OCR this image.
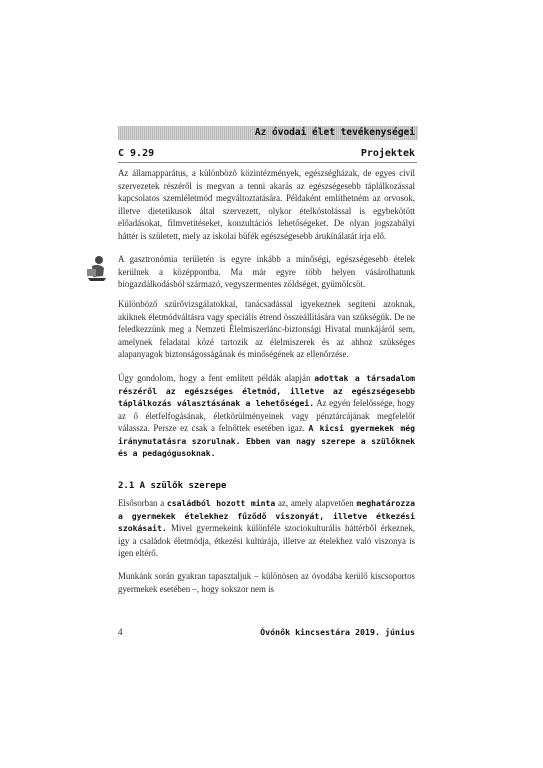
Az óvodai élet tevékenységei
C 9.29	Projektek
Az államapparátus, a különböző közintézmények, egészségházak, de egyes civil szervezetek részéről is megvan a tenni akarás az egészségesebb táplálkozással kapcsolatos szemléletmód megváltoztatására. Példaként említhetném az orvosok, illetve dietetikusok által szervezett, olykor ételkóstolással is egybekötött előadásokat, filmvetítéseket, konzultációs lehetőségeket. De olyan jogszabályi háttér is született, mely az iskolai büfék egészségesebb árukínálatát írja elő.
A gasztronómia területén is egyre inkább a minőségi, egészségesebb ételek kerülnek a középpontba. Ma már egyre több helyen vásárolhatunk biogazdálkodásból származó, vegyszermentes zöldséget, gyümölcsöt.
Különböző szűrővizsgálatokkal, tanácsadással igyekeznek segíteni azoknak, akiknek életmódváltásra vagy speciális étrend összeállítására van szükségük. De ne feledkezzünk meg a Nemzeti Élelmiszerlánc-biztonsági Hivatal munkájáról sem, amelynek feladatai közé tartozik az élelmiszerek és az ahhoz szükséges alapanyagok biztonságosságának és minőségének az ellenőrzése.
Úgy gondolom, hogy a fent említett példák alapján adottak a társadalom részéről az egészséges életmód, illetve az egészségesebb táplálkozás választásának a lehetőségei. Az egyén felelőssége, hogy az ő életfelfogásának, életkörülményeinek vagy pénztárcájának megfelelőt válassza. Persze ez csak a felnőttek esetében igaz. A kicsi gyermekek még iránymutatásra szorulnak. Ebben van nagy szerepe a szülőknek és a pedagógusoknak.
2.1 A szülők szerepe
Elsősorban a családból hozott minta az, amely alapvetően meghatározza a gyermekek ételekhez fűződő viszonyát, illetve étkezési szokásait. Mivel gyermekeink különféle szociokulturális háttérből érkeznek, így a családok életmódja, étkezési kultúrája, illetve az ételekhez való viszonya is igen eltérő.
Munkánk során gyakran tapasztaljuk – különösen az óvodába kerülő kiscsoportos gyermekek esetében –, hogy sokszor nem is
4	Óvónők kincsestára 2019. június
